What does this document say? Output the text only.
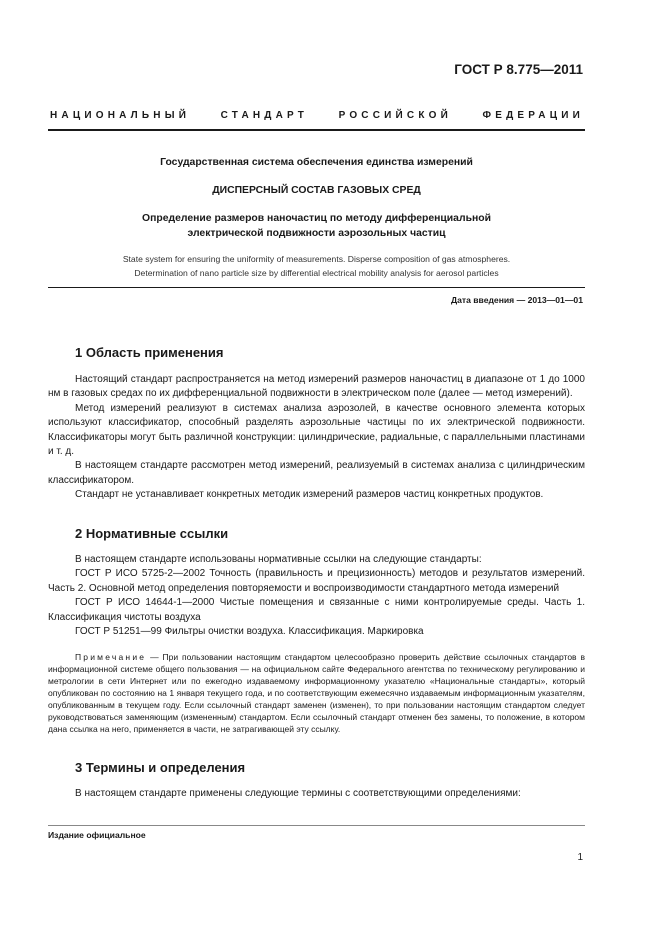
ГОСТ Р 8.775—2011
НАЦИОНАЛЬНЫЙ СТАНДАРТ РОССИЙСКОЙ ФЕДЕРАЦИИ
Государственная система обеспечения единства измерений
ДИСПЕРСНЫЙ СОСТАВ ГАЗОВЫХ СРЕД
Определение размеров наночастиц по методу дифференциальной
электрической подвижности аэрозольных частиц
State system for ensuring the uniformity of measurements. Disperse composition of gas atmospheres.
Determination of nano particle size by differential electrical mobility analysis for aerosol particles
Дата введения — 2013—01—01
1 Область применения
Настоящий стандарт распространяется на метод измерений размеров наночастиц в диапазоне от 1 до 1000 нм в газовых средах по их дифференциальной подвижности в электрическом поле (далее — метод измерений).
Метод измерений реализуют в системах анализа аэрозолей, в качестве основного элемента которых используют классификатор, способный разделять аэрозольные частицы по их электрической подвижности. Классификаторы могут быть различной конструкции: цилиндрические, радиальные, с параллельными пластинами и т. д.
В настоящем стандарте рассмотрен метод измерений, реализуемый в системах анализа с цилиндрическим классификатором.
Стандарт не устанавливает конкретных методик измерений размеров частиц конкретных продуктов.
2 Нормативные ссылки
В настоящем стандарте использованы нормативные ссылки на следующие стандарты:
ГОСТ Р ИСО 5725-2—2002 Точность (правильность и прецизионность) методов и результатов измерений. Часть 2. Основной метод определения повторяемости и воспроизводимости стандартного метода измерений
ГОСТ Р ИСО 14644-1—2000 Чистые помещения и связанные с ними контролируемые среды. Часть 1. Классификация чистоты воздуха
ГОСТ Р 51251—99 Фильтры очистки воздуха. Классификация. Маркировка
Примечание — При пользовании настоящим стандартом целесообразно проверить действие ссылочных стандартов в информационной системе общего пользования — на официальном сайте Федерального агентства по техническому регулированию и метрологии в сети Интернет или по ежегодно издаваемому информационному указателю «Национальные стандарты», который опубликован по состоянию на 1 января текущего года, и по соответствующим ежемесячно издаваемым информационным указателям, опубликованным в текущем году. Если ссылочный стандарт заменен (изменен), то при пользовании настоящим стандартом следует руководствоваться заменяющим (измененным) стандартом. Если ссылочный стандарт отменен без замены, то положение, в котором дана ссылка на него, применяется в части, не затрагивающей эту ссылку.
3 Термины и определения
В настоящем стандарте применены следующие термины с соответствующими определениями:
Издание официальное
1
